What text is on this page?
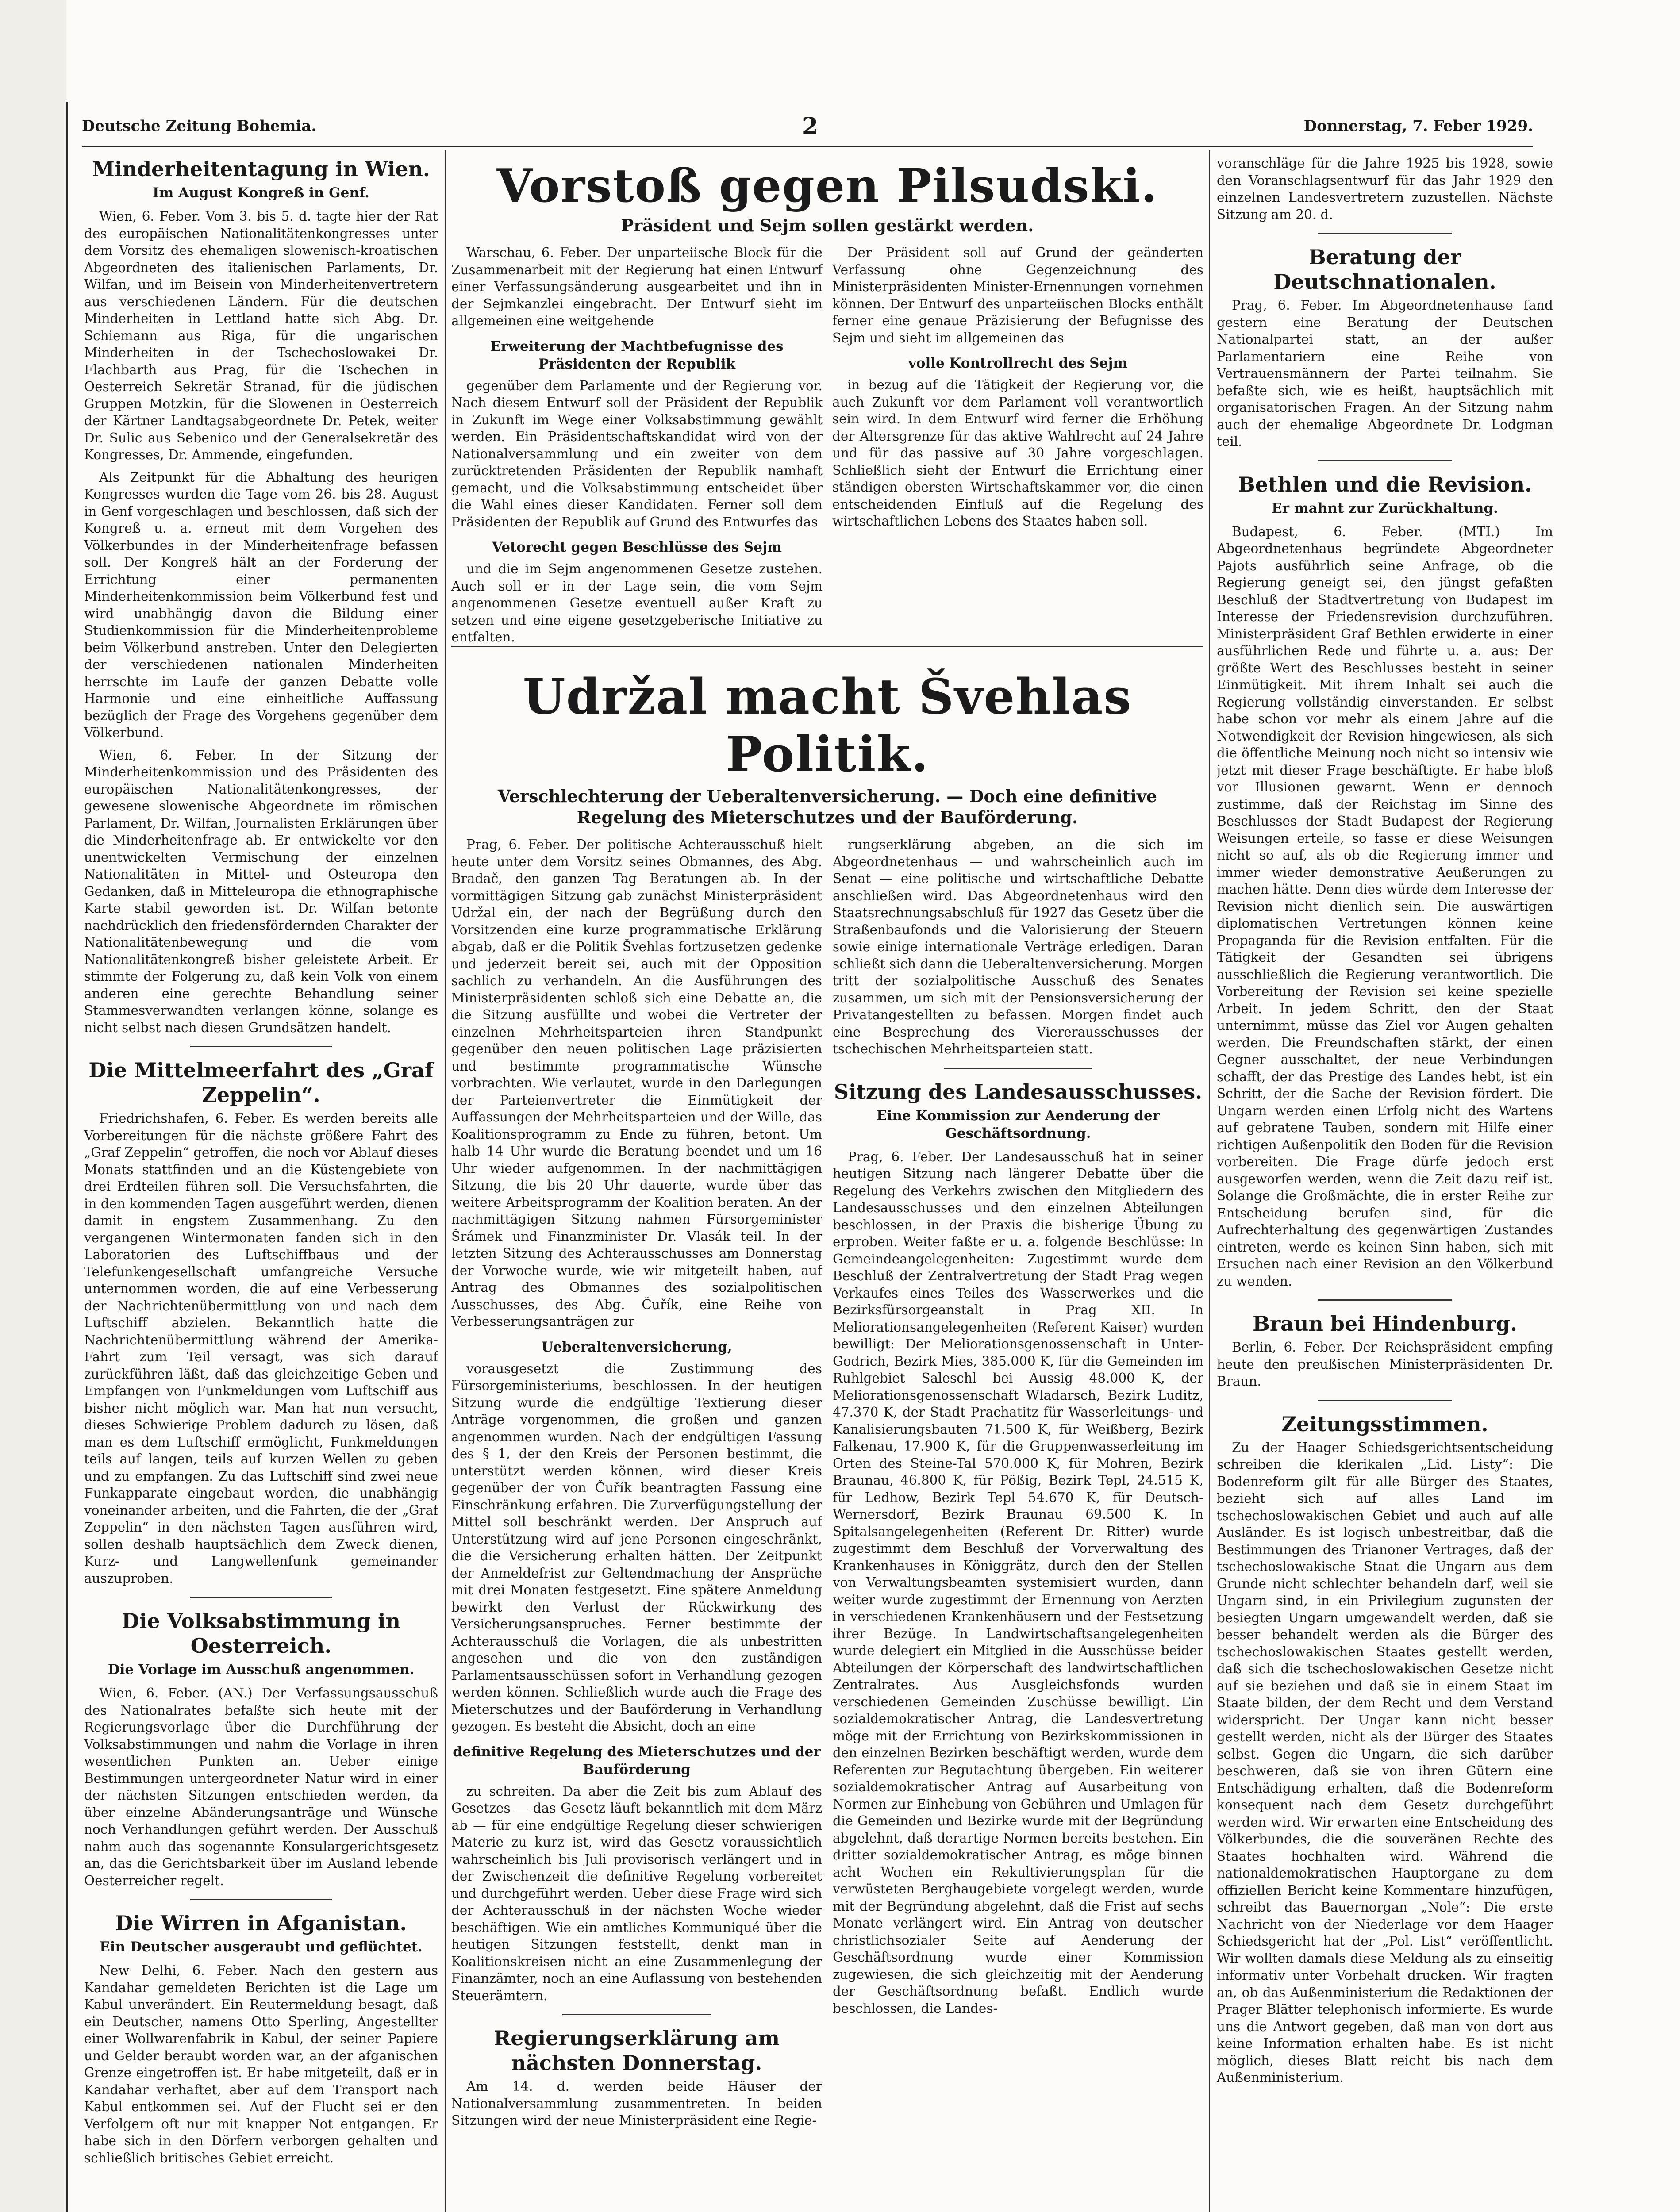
Deutsche Zeitung Bohemia.	2	Donnerstag, 7. Feber 1929.
Minderheitentagung in Wien.
Im August Kongreß in Genf.

Wien, 6. Feber. Vom 3. bis 5. d. tagte hier der Rat des europäischen Nationalitätenkongresses unter dem Vorsitz des ehemaligen slowenisch-kroatischen Abgeordneten des italienischen Parlaments, Dr. Wilfan, und im Beisein von Minderheitenvertretern aus verschiedenen Ländern. Für die deutschen Minderheiten in Lettland hatte sich Abg. Dr. Schiemann aus Riga, für die ungarischen Minderheiten in der Tschechoslowakei Dr. Flachbarth aus Prag, für die Tschechen in Oesterreich Sekretär Stranad, für die jüdischen Gruppen Motzkin, für die Slowenen in Oesterreich der Kärtner Landtagsabgeordnete Dr. Petek, weiter Dr. Sulic aus Sebenico und der Generalsekretär des Kongresses, Dr. Ammende, eingefunden.

Als Zeitpunkt für die Abhaltung des heurigen Kongresses wurden die Tage vom 26. bis 28. August in Genf vorgeschlagen und beschlossen, daß sich der Kongreß u. a. erneut mit dem Vorgehen des Völkerbundes in der Minderheitenfrage befassen soll. Der Kongreß hält an der Forderung der Errichtung einer permanenten Minderheitenkommission beim Völkerbund fest und wird unabhängig davon die Bildung einer Studienkommission für die Minderheitenprobleme beim Völkerbund anstreben. Unter den Delegierten der verschiedenen nationalen Minderheiten herrschte im Laufe der ganzen Debatte volle Harmonie und eine einheitliche Auffassung bezüglich der Frage des Vorgehens gegenüber dem Völkerbund.

Wien, 6. Feber. In der Sitzung der Minderheitenkommission und des Präsidenten des europäischen Nationalitätenkongresses, der gewesene slowenische Abgeordnete im römischen Parlament, Dr. Wilfan, Journalisten Erklärungen über die Minderheitenfrage ab. Er entwickelte vor den unentwickelten Vermischung der einzelnen Nationalitäten in Mittel- und Osteuropa den Gedanken, daß in Mitteleuropa die ethnographische Karte stabil geworden ist. Dr. Wilfan betonte nachdrücklich den friedensfördernden Charakter der Nationalitätenbewegung und die vom Nationalitätenkongreß bisher geleistete Arbeit. Er stimmte der Folgerung zu, daß kein Volk von einem anderen eine gerechte Behandlung seiner Stammesverwandten verlangen könne, solange es nicht selbst nach diesen Grundsätzen handelt.

Die Mittelmeerfahrt des „Graf Zeppelin“.

Friedrichshafen, 6. Feber. Es werden bereits alle Vorbereitungen für die nächste größere Fahrt des „Graf Zeppelin“ getroffen, die noch vor Ablauf dieses Monats stattfinden und an die Küstengebiete von drei Erdteilen führen soll. Die Versuchsfahrten, die in den kommenden Tagen ausgeführt werden, dienen damit in engstem Zusammenhang. Zu den vergangenen Wintermonaten fanden sich in den Laboratorien des Luftschiffbaus und der Telefunkengesellschaft umfangreiche Versuche unternommen worden, die auf eine Verbesserung der Nachrichtenübermittlung von und nach dem Luftschiff abzielen. Bekanntlich hatte die Nachrichtenübermittlung während der Amerika-Fahrt zum Teil versagt, was sich darauf zurückführen läßt, daß das gleichzeitige Geben und Empfangen von Funkmeldungen vom Luftschiff aus bisher nicht möglich war. Man hat nun versucht, dieses Schwierige Problem dadurch zu lösen, daß man es dem Luftschiff ermöglicht, Funkmeldungen teils auf langen, teils auf kurzen Wellen zu geben und zu empfangen. Zu das Luftschiff sind zwei neue Funkapparate eingebaut worden, die unabhängig voneinander arbeiten, und die Fahrten, die der „Graf Zeppelin“ in den nächsten Tagen ausführen wird, sollen deshalb hauptsächlich dem Zweck dienen, Kurz- und Langwellenfunk gemeinander auszuproben.

Die Volksabstimmung in Oesterreich.
Die Vorlage im Ausschuß angenommen.

Wien, 6. Feber. (AN.) Der Verfassungsausschuß des Nationalrates befaßte sich heute mit der Regierungsvorlage über die Durchführung der Volksabstimmungen und nahm die Vorlage in ihren wesentlichen Punkten an. Ueber einige Bestimmungen untergeordneter Natur wird in einer der nächsten Sitzungen entschieden werden, da über einzelne Abänderungsanträge und Wünsche noch Verhandlungen geführt werden. Der Ausschuß nahm auch das sogenannte Konsulargerichtsgesetz an, das die Gerichtsbarkeit über im Ausland lebende Oesterreicher regelt.

Die Wirren in Afganistan.
Ein Deutscher ausgeraubt und geflüchtet.

New Delhi, 6. Feber. Nach den gestern aus Kandahar gemeldeten Berichten ist die Lage um Kabul unverändert. Ein Reutermeldung besagt, daß ein Deutscher, namens Otto Sperling, Angestellter einer Wollwarenfabrik in Kabul, der seiner Papiere und Gelder beraubt worden war, an der afganischen Grenze eingetroffen ist. Er habe mitgeteilt, daß er in Kandahar verhaftet, aber auf dem Transport nach Kabul entkommen sei. Auf der Flucht sei er den Verfolgern oft nur mit knapper Not entgangen. Er habe sich in den Dörfern verborgen gehalten und schließlich britisches Gebiet erreicht.

Vorstoß gegen Pilsudski.
Präsident und Sejm sollen gestärkt werden.

Warschau, 6. Feber. Der unparteiische Block für die Zusammenarbeit mit der Regierung hat einen Entwurf einer Verfassungsänderung ausgearbeitet und ihn in der Sejmkanzlei eingebracht. Der Entwurf sieht im allgemeinen eine weitgehende

Erweiterung der Machtbefugnisse des Präsidenten der Republik

gegenüber dem Parlamente und der Regierung vor. Nach diesem Entwurf soll der Präsident der Republik in Zukunft im Wege einer Volksabstimmung gewählt werden. Ein Präsidentschaftskandidat wird von der Nationalversammlung und ein zweiter von dem zurücktretenden Präsidenten der Republik namhaft gemacht, und die Volksabstimmung entscheidet über die Wahl eines dieser Kandidaten. Ferner soll dem Präsidenten der Republik auf Grund des Entwurfes das

Vetorecht gegen Beschlüsse des Sejm

und die im Sejm angenommenen Gesetze zustehen. Auch soll er in der Lage sein, die vom Sejm angenommenen Gesetze eventuell außer Kraft zu setzen und eine eigene gesetzgeberische Initiative zu entfalten.

Der Präsident soll auf Grund der geänderten Verfassung ohne Gegenzeichnung des Ministerpräsidenten Minister-Ernennungen vornehmen können. Der Entwurf des unparteiischen Blocks enthält ferner eine genaue Präzisierung der Befugnisse des Sejm und sieht im allgemeinen das

volle Kontrollrecht des Sejm

in bezug auf die Tätigkeit der Regierung vor, die auch Zukunft vor dem Parlament voll verantwortlich sein wird. In dem Entwurf wird ferner die Erhöhung der Altersgrenze für das aktive Wahlrecht auf 24 Jahre und für das passive auf 30 Jahre vorgeschlagen. Schließlich sieht der Entwurf die Errichtung einer ständigen obersten Wirtschaftskammer vor, die einen entscheidenden Einfluß auf die Regelung des wirtschaftlichen Lebens des Staates haben soll.

Udržal macht Švehlas Politik.
Verschlechterung der Ueberaltenversicherung. — Doch eine definitive Regelung des Mieterschutzes und der Bauförderung.

Prag, 6. Feber. Der politische Achterausschuß hielt heute unter dem Vorsitz seines Obmannes, des Abg. Bradač, den ganzen Tag Beratungen ab. In der vormittägigen Sitzung gab zunächst Ministerpräsident Udržal ein, der nach der Begrüßung durch den Vorsitzenden eine kurze programmatische Erklärung abgab, daß er die Politik Švehlas fortzusetzen gedenke und jederzeit bereit sei, auch mit der Opposition sachlich zu verhandeln. An die Ausführungen des Ministerpräsidenten schloß sich eine Debatte an, die die Sitzung ausfüllte und wobei die Vertreter der einzelnen Mehrheitsparteien ihren Standpunkt gegenüber den neuen politischen Lage präzisierten und bestimmte programmatische Wünsche vorbrachten. Wie verlautet, wurde in den Darlegungen der Parteienvertreter die Einmütigkeit der Auffassungen der Mehrheitsparteien und der Wille, das Koalitionsprogramm zu Ende zu führen, betont. Um halb 14 Uhr wurde die Beratung beendet und um 16 Uhr wieder aufgenommen. In der nachmittägigen Sitzung, die bis 20 Uhr dauerte, wurde über das weitere Arbeitsprogramm der Koalition beraten. An der nachmittägigen Sitzung nahmen Fürsorgeminister Šrámek und Finanzminister Dr. Vlasák teil. In der letzten Sitzung des Achterausschusses am Donnerstag der Vorwoche wurde, wie wir mitgeteilt haben, auf Antrag des Obmannes des sozialpolitischen Ausschusses, des Abg. Čuřík, eine Reihe von Verbesserungsanträgen zur

Ueberaltenversicherung,

vorausgesetzt die Zustimmung des Fürsorgeministeriums, beschlossen. In der heutigen Sitzung wurde die endgültige Textierung dieser Anträge vorgenommen, die großen und ganzen angenommen wurden. Nach der endgültigen Fassung des § 1, der den Kreis der Personen bestimmt, die unterstützt werden können, wird dieser Kreis gegenüber der von Čuřík beantragten Fassung eine Einschränkung erfahren. Die Zurverfügungstellung der Mittel soll beschränkt werden. Der Anspruch auf Unterstützung wird auf jene Personen eingeschränkt, die die Versicherung erhalten hätten. Der Zeitpunkt der Anmeldefrist zur Geltendmachung der Ansprüche mit drei Monaten festgesetzt. Eine spätere Anmeldung bewirkt den Verlust der Rückwirkung des Versicherungsanspruches. Ferner bestimmte der Achterausschuß die Vorlagen, die als unbestritten angesehen und die von den zuständigen Parlamentsausschüssen sofort in Verhandlung gezogen werden können. Schließlich wurde auch die Frage des Mieterschutzes und der Bauförderung in Verhandlung gezogen. Es besteht die Absicht, doch an eine

definitive Regelung des Mieterschutzes und der Bauförderung

zu schreiten. Da aber die Zeit bis zum Ablauf des Gesetzes — das Gesetz läuft bekanntlich mit dem März ab — für eine endgültige Regelung dieser schwierigen Materie zu kurz ist, wird das Gesetz voraussichtlich wahrscheinlich bis Juli provisorisch verlängert und in der Zwischenzeit die definitive Regelung vorbereitet und durchgeführt werden. Ueber diese Frage wird sich der Achterausschuß in der nächsten Woche wieder beschäftigen. Wie ein amtliches Kommuniqué über die heutigen Sitzungen feststellt, denkt man in Koalitionskreisen nicht an eine Zusammenlegung der Finanzämter, noch an eine Auflassung von bestehenden Steuerämtern.

Regierungserklärung am nächsten Donnerstag.

Am 14. d. werden beide Häuser der Nationalversammlung zusammentreten. In beiden Sitzungen wird der neue Ministerpräsident eine Regie-

rungserklärung abgeben, an die sich im Abgeordnetenhaus — und wahrscheinlich auch im Senat — eine politische und wirtschaftliche Debatte anschließen wird. Das Abgeordnetenhaus wird den Staatsrechnungsabschluß für 1927 das Gesetz über die Straßenbaufonds und die Valorisierung der Steuern sowie einige internationale Verträge erledigen. Daran schließt sich dann die Ueberaltenversicherung. Morgen tritt der sozialpolitische Ausschuß des Senates zusammen, um sich mit der Pensionsversicherung der Privatangestellten zu befassen. Morgen findet auch eine Besprechung des Viererausschusses der tschechischen Mehrheitsparteien statt.

Sitzung des Landesausschusses.
Eine Kommission zur Aenderung der Geschäftsordnung.

Prag, 6. Feber. Der Landesausschuß hat in seiner heutigen Sitzung nach längerer Debatte über die Regelung des Verkehrs zwischen den Mitgliedern des Landesausschusses und den einzelnen Abteilungen beschlossen, in der Praxis die bisherige Übung zu erproben. Weiter faßte er u. a. folgende Beschlüsse: In Gemeindeangelegenheiten: Zugestimmt wurde dem Beschluß der Zentralvertretung der Stadt Prag wegen Verkaufes eines Teiles des Wasserwerkes und die Bezirksfürsorgeanstalt in Prag XII. In Meliorationsangelegenheiten (Referent Kaiser) wurden bewilligt: Der Meliorationsgenossenschaft in Unter-Godrich, Bezirk Mies, 385.000 K, für die Gemeinden im Ruhlgebiet Saleschl bei Aussig 48.000 K, der Meliorationsgenossenschaft Wladarsch, Bezirk Luditz, 47.370 K, der Stadt Prachatitz für Wasserleitungs- und Kanalisierungsbauten 71.500 K, für Weißberg, Bezirk Falkenau, 17.900 K, für die Gruppenwasserleitung im Orten des Steine-Tal 570.000 K, für Mohren, Bezirk Braunau, 46.800 K, für Pößig, Bezirk Tepl, 24.515 K, für Ledhow, Bezirk Tepl 54.670 K, für Deutsch-Wernersdorf, Bezirk Braunau 69.500 K. In Spitalsangelegenheiten (Referent Dr. Ritter) wurde zugestimmt dem Beschluß der Vorverwaltung des Krankenhauses in Königgrätz, durch den der Stellen von Verwaltungsbeamten systemisiert wurden, dann weiter wurde zugestimmt der Ernennung von Aerzten in verschiedenen Krankenhäusern und der Festsetzung ihrer Bezüge. In Landwirtschaftsangelegenheiten wurde delegiert ein Mitglied in die Ausschüsse beider Abteilungen der Körperschaft des landwirtschaftlichen Zentralrates. Aus Ausgleichsfonds wurden verschiedenen Gemeinden Zuschüsse bewilligt. Ein sozialdemokratischer Antrag, die Landesvertretung möge mit der Errichtung von Bezirkskommissionen in den einzelnen Bezirken beschäftigt werden, wurde dem Referenten zur Begutachtung übergeben. Ein weiterer sozialdemokratischer Antrag auf Ausarbeitung von Normen zur Einhebung von Gebühren und Umlagen für die Gemeinden und Bezirke wurde mit der Begründung abgelehnt, daß derartige Normen bereits bestehen. Ein dritter sozialdemokratischer Antrag, es möge binnen acht Wochen ein Rekultivierungsplan für die verwüsteten Berghaugebiete vorgelegt werden, wurde mit der Begründung abgelehnt, daß die Frist auf sechs Monate verlängert wird. Ein Antrag von deutscher christlichsozialer Seite auf Aenderung der Geschäftsordnung wurde einer Kommission zugewiesen, die sich gleichzeitig mit der Aenderung der Geschäftsordnung befaßt. Endlich wurde beschlossen, die Landes-

voranschläge für die Jahre 1925 bis 1928, sowie den Voranschlagsentwurf für das Jahr 1929 den einzelnen Landesvertretern zuzustellen. Nächste Sitzung am 20. d.

Beratung der Deutschnationalen.

Prag, 6. Feber. Im Abgeordnetenhause fand gestern eine Beratung der Deutschen Nationalpartei statt, an der außer Parlamentariern eine Reihe von Vertrauensmännern der Partei teilnahm. Sie befaßte sich, wie es heißt, hauptsächlich mit organisatorischen Fragen. An der Sitzung nahm auch der ehemalige Abgeordnete Dr. Lodgman teil.

Bethlen und die Revision.
Er mahnt zur Zurückhaltung.

Budapest, 6. Feber. (MTI.) Im Abgeordnetenhaus begründete Abgeordneter Pajots ausführlich seine Anfrage, ob die Regierung geneigt sei, den jüngst gefaßten Beschluß der Stadtvertretung von Budapest im Interesse der Friedensrevision durchzuführen. Ministerpräsident Graf Bethlen erwiderte in einer ausführlichen Rede und führte u. a. aus: Der größte Wert des Beschlusses besteht in seiner Einmütigkeit. Mit ihrem Inhalt sei auch die Regierung vollständig einverstanden. Er selbst habe schon vor mehr als einem Jahre auf die Notwendigkeit der Revision hingewiesen, als sich die öffentliche Meinung noch nicht so intensiv wie jetzt mit dieser Frage beschäftigte. Er habe bloß vor Illusionen gewarnt. Wenn er dennoch zustimme, daß der Reichstag im Sinne des Beschlusses der Stadt Budapest der Regierung Weisungen erteile, so fasse er diese Weisungen nicht so auf, als ob die Regierung immer und immer wieder demonstrative Aeußerungen zu machen hätte. Denn dies würde dem Interesse der Revision nicht dienlich sein. Die auswärtigen diplomatischen Vertretungen können keine Propaganda für die Revision entfalten. Für die Tätigkeit der Gesandten sei übrigens ausschließlich die Regierung verantwortlich. Die Vorbereitung der Revision sei keine spezielle Arbeit. In jedem Schritt, den der Staat unternimmt, müsse das Ziel vor Augen gehalten werden. Die Freundschaften stärkt, der einen Gegner ausschaltet, der neue Verbindungen schafft, der das Prestige des Landes hebt, ist ein Schritt, der die Sache der Revision fördert. Die Ungarn werden einen Erfolg nicht des Wartens auf gebratene Tauben, sondern mit Hilfe einer richtigen Außenpolitik den Boden für die Revision vorbereiten. Die Frage dürfe jedoch erst ausgeworfen werden, wenn die Zeit dazu reif ist. Solange die Großmächte, die in erster Reihe zur Entscheidung berufen sind, für die Aufrechterhaltung des gegenwärtigen Zustandes eintreten, werde es keinen Sinn haben, sich mit Ersuchen nach einer Revision an den Völkerbund zu wenden.

Braun bei Hindenburg.

Berlin, 6. Feber. Der Reichspräsident empfing heute den preußischen Ministerpräsidenten Dr. Braun.

Zeitungsstimmen.

Zu der Haager Schiedsgerichtsentscheidung schreiben die klerikalen „Lid. Listy“: Die Bodenreform gilt für alle Bürger des Staates, bezieht sich auf alles Land im tschechoslowakischen Gebiet und auch auf alle Ausländer. Es ist logisch unbestreitbar, daß die Bestimmungen des Trianoner Vertrages, daß der tschechoslowakische Staat die Ungarn aus dem Grunde nicht schlechter behandeln darf, weil sie Ungarn sind, in ein Privilegium zugunsten der besiegten Ungarn umgewandelt werden, daß sie besser behandelt werden als die Bürger des tschechoslowakischen Staates gestellt werden, daß sich die tschechoslowakischen Gesetze nicht auf sie beziehen und daß sie in einem Staat im Staate bilden, der dem Recht und dem Verstand widerspricht. Der Ungar kann nicht besser gestellt werden, nicht als der Bürger des Staates selbst. Gegen die Ungarn, die sich darüber beschweren, daß sie von ihren Gütern eine Entschädigung erhalten, daß die Bodenreform konsequent nach dem Gesetz durchgeführt werden wird. Wir erwarten eine Entscheidung des Völkerbundes, die die souveränen Rechte des Staates hochhalten wird. Während die nationaldemokratischen Hauptorgane zu dem offiziellen Bericht keine Kommentare hinzufügen, schreibt das Bauernorgan „Nole“: Die erste Nachricht von der Niederlage vor dem Haager Schiedsgericht hat der „Pol. List“ veröffentlicht. Wir wollten damals diese Meldung als zu einseitig informativ unter Vorbehalt drucken. Wir fragten an, ob das Außenministerium die Redaktionen der Prager Blätter telephonisch informierte. Es wurde uns die Antwort gegeben, daß man von dort aus keine Information erhalten habe. Es ist nicht möglich, dieses Blatt reicht bis nach dem Außenministerium.
